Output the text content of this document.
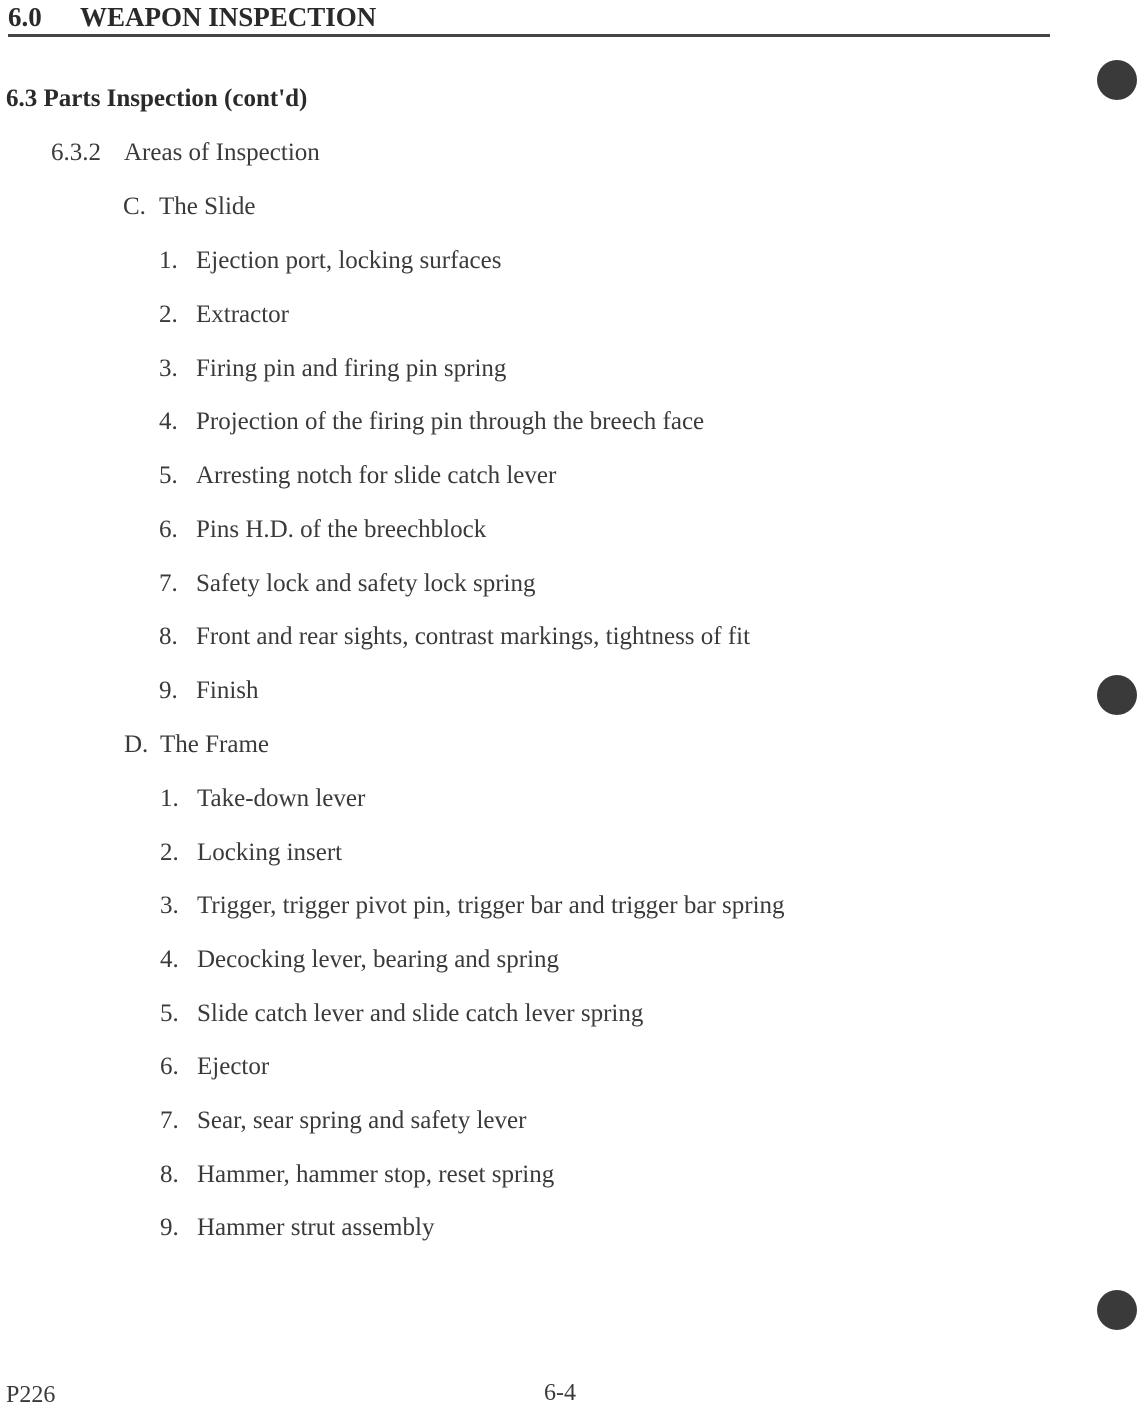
6.0 WEAPON INSPECTION
6.3 Parts Inspection (cont'd)
6.3.2 Areas of Inspection
C. The Slide
1. Ejection port, locking surfaces
2. Extractor
3. Firing pin and firing pin spring
4. Projection of the firing pin through the breech face
5. Arresting notch for slide catch lever
6. Pins H.D. of the breechblock
7. Safety lock and safety lock spring
8. Front and rear sights, contrast markings, tightness of fit
9. Finish
D. The Frame
1. Take-down lever
2. Locking insert
3. Trigger, trigger pivot pin, trigger bar and trigger bar spring
4. Decocking lever, bearing and spring
5. Slide catch lever and slide catch lever spring
6. Ejector
7. Sear, sear spring and safety lever
8. Hammer, hammer stop, reset spring
9. Hammer strut assembly
P226	6-4
